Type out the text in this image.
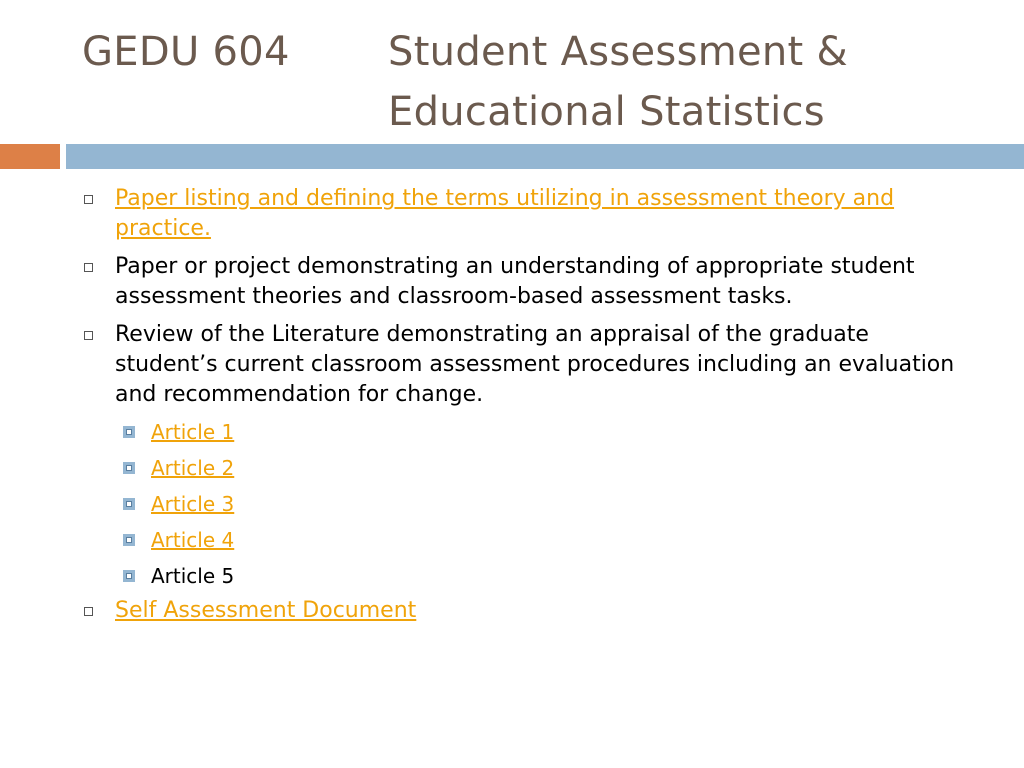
GEDU 604 Student Assessment &
Educational Statistics
Paper listing and defining the terms utilizing in assessment theory and practice.
Paper or project demonstrating an understanding of appropriate student assessment theories and classroom-based assessment tasks.
Review of the Literature demonstrating an appraisal of the graduate student’s current classroom assessment procedures including an evaluation and recommendation for change.
Article 1
Article 2
Article 3
Article 4
Article 5
Self Assessment Document
